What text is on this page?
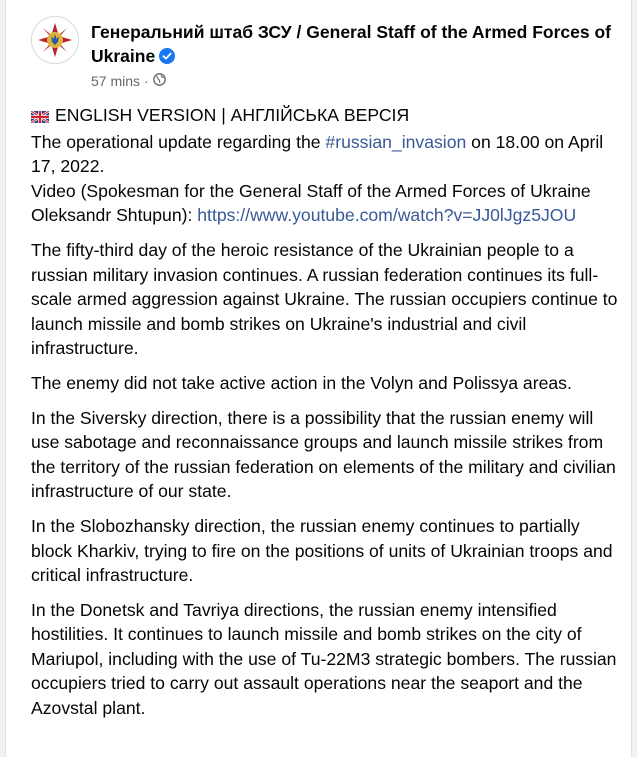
Генеральний штаб ЗСУ / General Staff of the Armed Forces of Ukraine
57 mins ·

ENGLISH VERSION | АНГЛІЙСЬКА ВЕРСІЯ
The operational update regarding the #russian_invasion on 18.00 on April 17, 2022.
Video (Spokesman for the General Staff of the Armed Forces of Ukraine Oleksandr Shtupun): https://www.youtube.com/watch?v=JJ0lJgz5JOU

The fifty-third day of the heroic resistance of the Ukrainian people to a russian military invasion continues. A russian federation continues its full-scale armed aggression against Ukraine. The russian occupiers continue to launch missile and bomb strikes on Ukraine's industrial and civil infrastructure.

The enemy did not take active action in the Volyn and Polissya areas.

In the Siversky direction, there is a possibility that the russian enemy will use sabotage and reconnaissance groups and launch missile strikes from the territory of the russian federation on elements of the military and civilian infrastructure of our state.

In the Slobozhansky direction, the russian enemy continues to partially block Kharkiv, trying to fire on the positions of units of Ukrainian troops and critical infrastructure.

In the Donetsk and Tavriya directions, the russian enemy intensified hostilities. It continues to launch missile and bomb strikes on the city of Mariupol, including with the use of Tu-22M3 strategic bombers. The russian occupiers tried to carry out assault operations near the seaport and the Azovstal plant.
